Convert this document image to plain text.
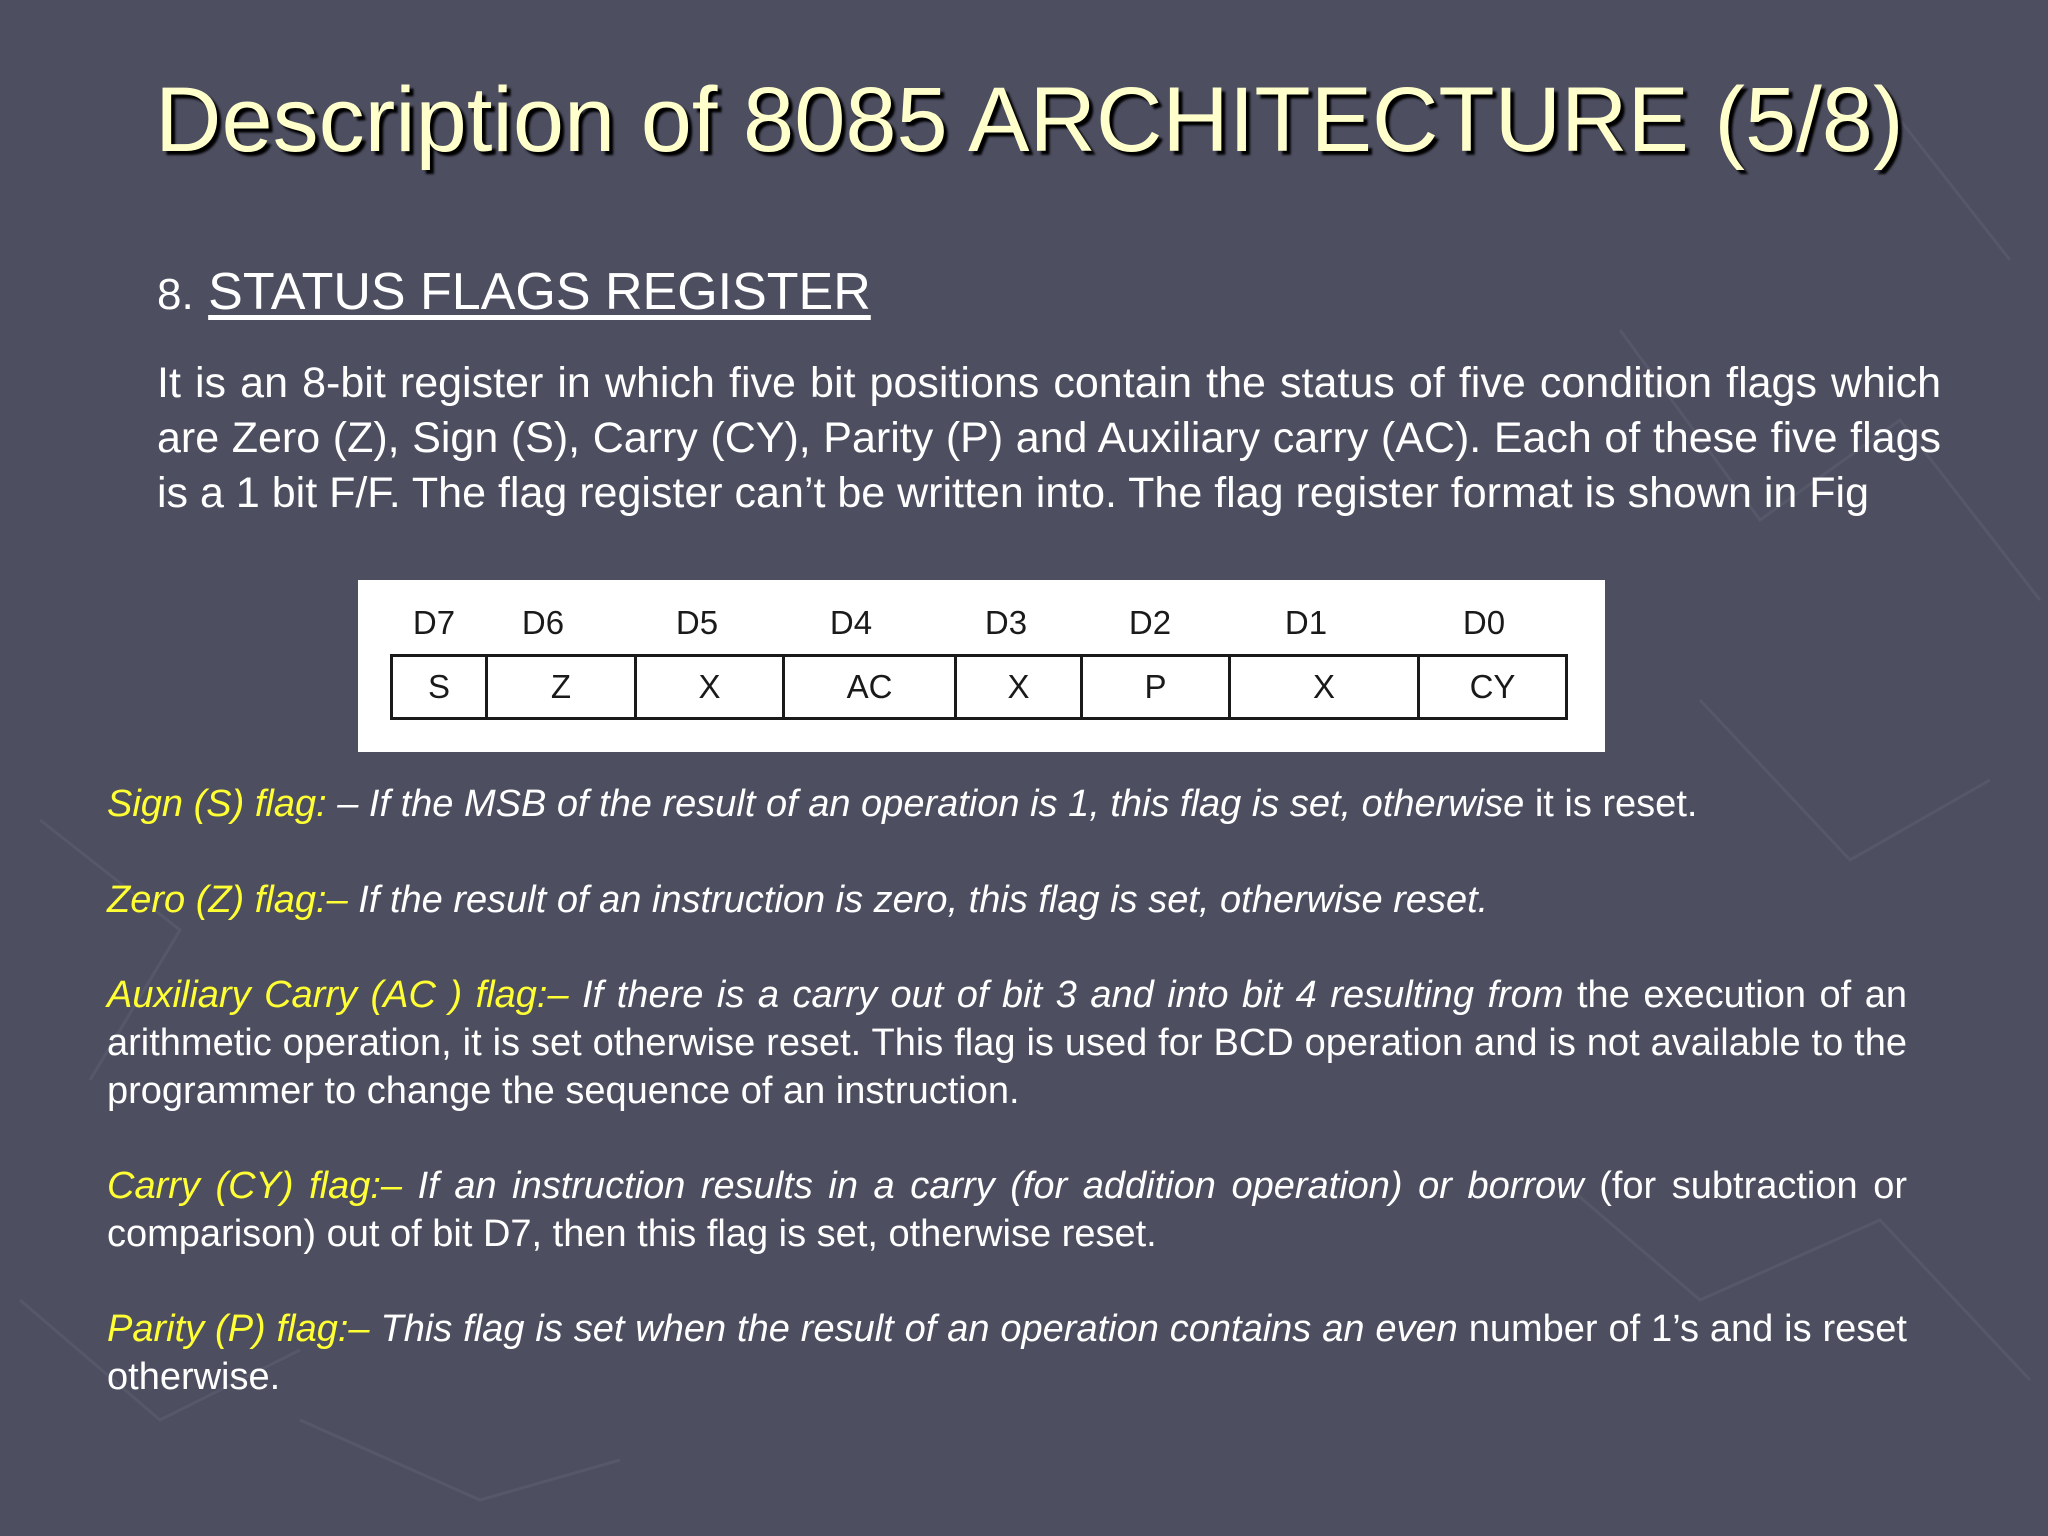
Description of 8085 ARCHITECTURE (5/8)
8. STATUS FLAGS REGISTER
It is an 8-bit register in which five bit positions contain the status of five condition flags which are Zero (Z), Sign (S), Carry (CY), Parity (P) and Auxiliary carry (AC). Each of these five flags is a 1 bit F/F. The flag register can’t be written into. The flag register format is shown in Fig
D7 D6	D5	D4	D3	D2	D1	D0
S	Z	X	AC	X	P	X	CY
Sign (S) flag: – If the MSB of the result of an operation is 1, this flag is set, otherwise it is reset.
Zero (Z) flag:– If the result of an instruction is zero, this flag is set, otherwise reset.
Auxiliary Carry (AC ) flag:– If there is a carry out of bit 3 and into bit 4 resulting from the execution of an arithmetic operation, it is set otherwise reset. This flag is used for BCD operation and is not available to the programmer to change the sequence of an instruction.
Carry (CY) flag:– If an instruction results in a carry (for addition operation) or borrow (for subtraction or comparison) out of bit D7, then this flag is set, otherwise reset.
Parity (P) flag:– This flag is set when the result of an operation contains an even number of 1’s and is reset otherwise.
